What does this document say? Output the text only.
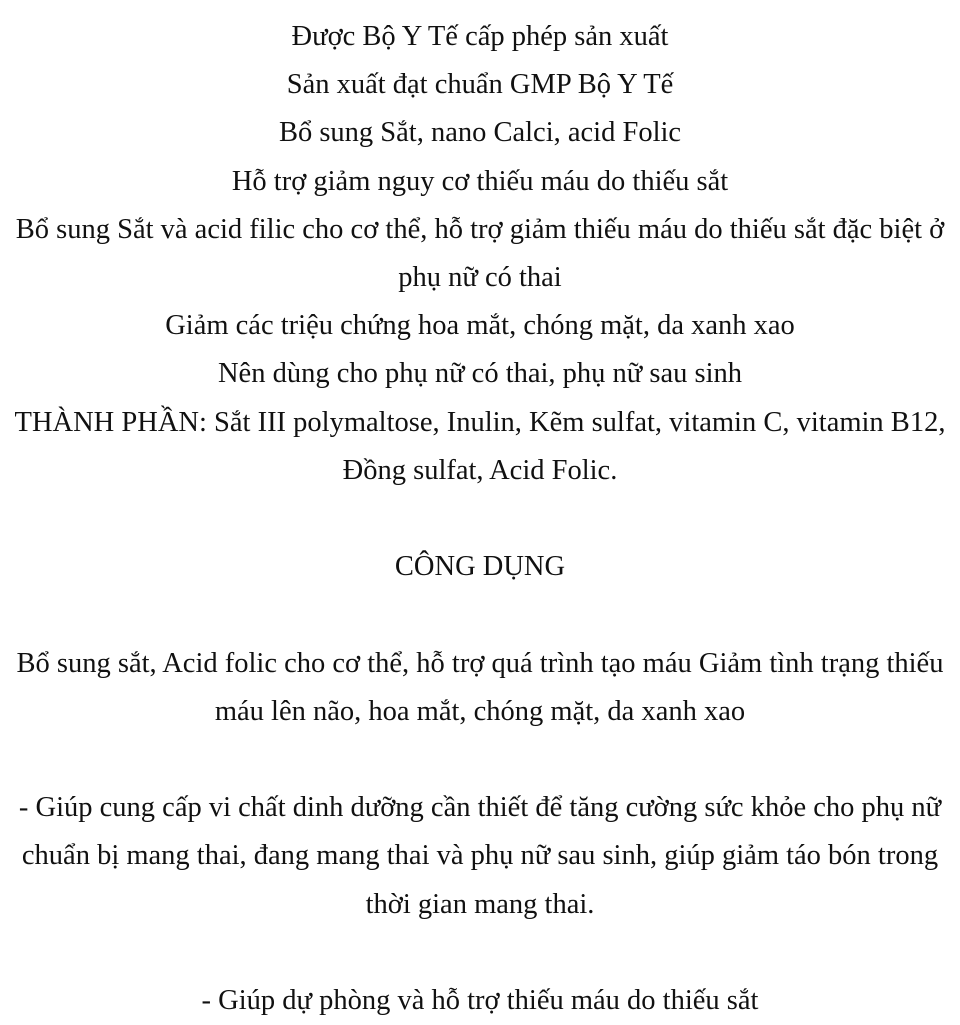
Được Bộ Y Tế cấp phép sản xuất
Sản xuất đạt chuẩn GMP Bộ Y Tế
Bổ sung Sắt, nano Calci, acid Folic
Hỗ trợ giảm nguy cơ thiếu máu do thiếu sắt
Bổ sung Sắt và acid filic cho cơ thể, hỗ trợ giảm thiếu máu do thiếu sắt đặc biệt ở phụ nữ có thai
Giảm các triệu chứng hoa mắt, chóng mặt, da xanh xao
Nên dùng cho phụ nữ có thai, phụ nữ sau sinh
THÀNH PHẦN: Sắt III polymaltose, Inulin, Kẽm sulfat, vitamin C, vitamin B12, Đồng sulfat, Acid Folic.
CÔNG DỤNG
Bổ sung sắt, Acid folic cho cơ thể, hỗ trợ quá trình tạo máu Giảm tình trạng thiếu máu lên não, hoa mắt, chóng mặt, da xanh xao
- Giúp cung cấp vi chất dinh dưỡng cần thiết để tăng cường sức khỏe cho phụ nữ chuẩn bị mang thai, đang mang thai và phụ nữ sau sinh, giúp giảm táo bón trong thời gian mang thai.
- Giúp dự phòng và hỗ trợ thiếu máu do thiếu sắt
